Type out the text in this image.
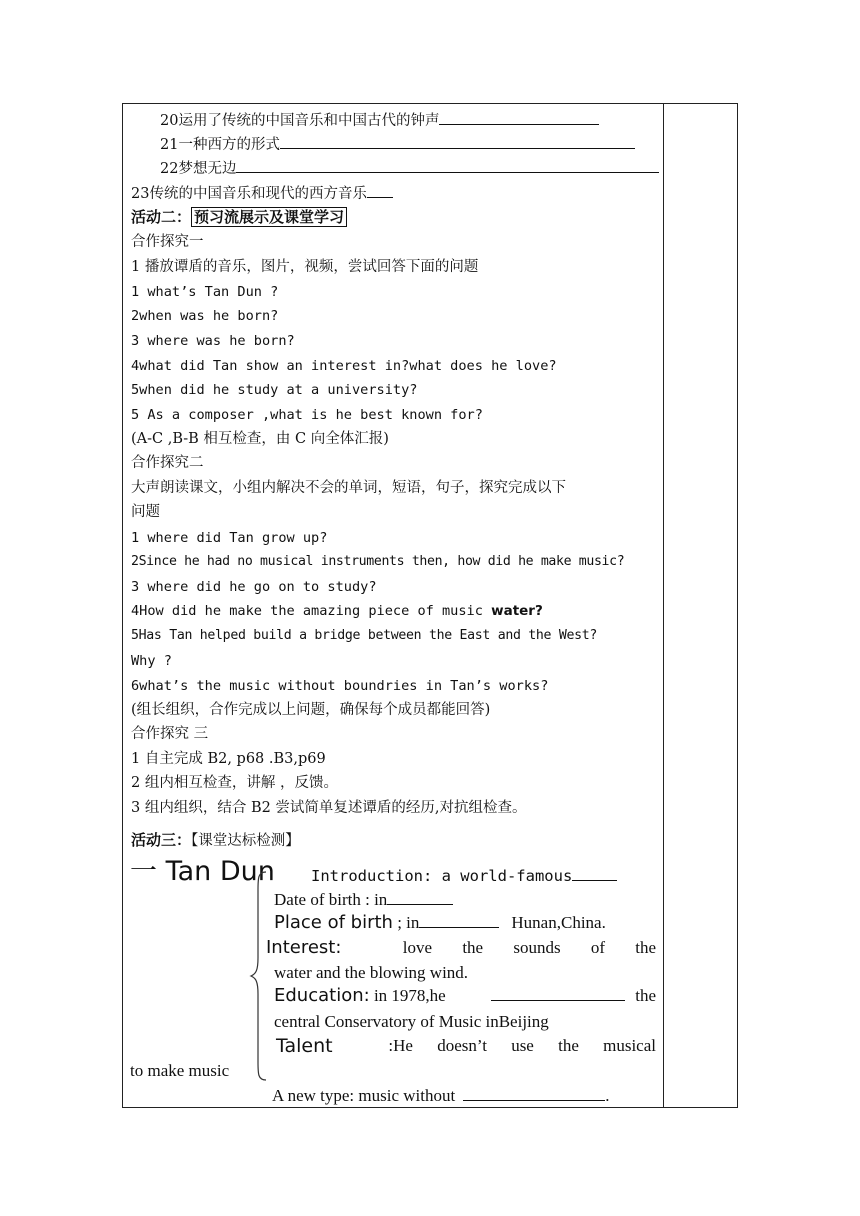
20运用了传统的中国音乐和中国古代的钟声
21一种西方的形式
22梦想无边
23传统的中国音乐和现代的西方音乐
活动二： 预习流展示及课堂学习
合作探究一
1 播放谭盾的音乐，图片，视频，尝试回答下面的问题
1 what’s Tan Dun ?
2when was he born?
3 where was he born?
4what did Tan show an interest in?what does he love?
5when did he study at a university?
5 As a composer ,what is he best known for?
(A-C ,B-B 相互检查，由 C 向全体汇报)
合作探究二
大声朗读课文，小组内解决不会的单词，短语，句子，探究完成以下
问题
1 where did Tan grow up?
2Since he had no musical instruments then, how did he make music?
3 where did he go on to study?
4How did he make the amazing piece of music water?
5Has Tan helped build a bridge between the East and the West?
Why ?
6what’s the music without boundries in Tan’s works?
(组长组织，合作完成以上问题，确保每个成员都能回答)
合作探究 三
1 自主完成 B2, p68 .B3,p69
2 组内相互检查，讲解 ，反馈。
3 组内组织，结合 B2 尝试简单复述谭盾的经历,对抗组检查。
活动三：【课堂达标检测】
一 Tan Dun Introduction: a world-famous
Date of birth : in
Place of birth ; in	Hunan,China.
Interest:	love the sounds of the
water and the blowing wind.
Education: in 1978,he	the
central Conservatory of Music inBeijing
Talent	:He doesn’t use the musical
to make music
A new type: music without	.
